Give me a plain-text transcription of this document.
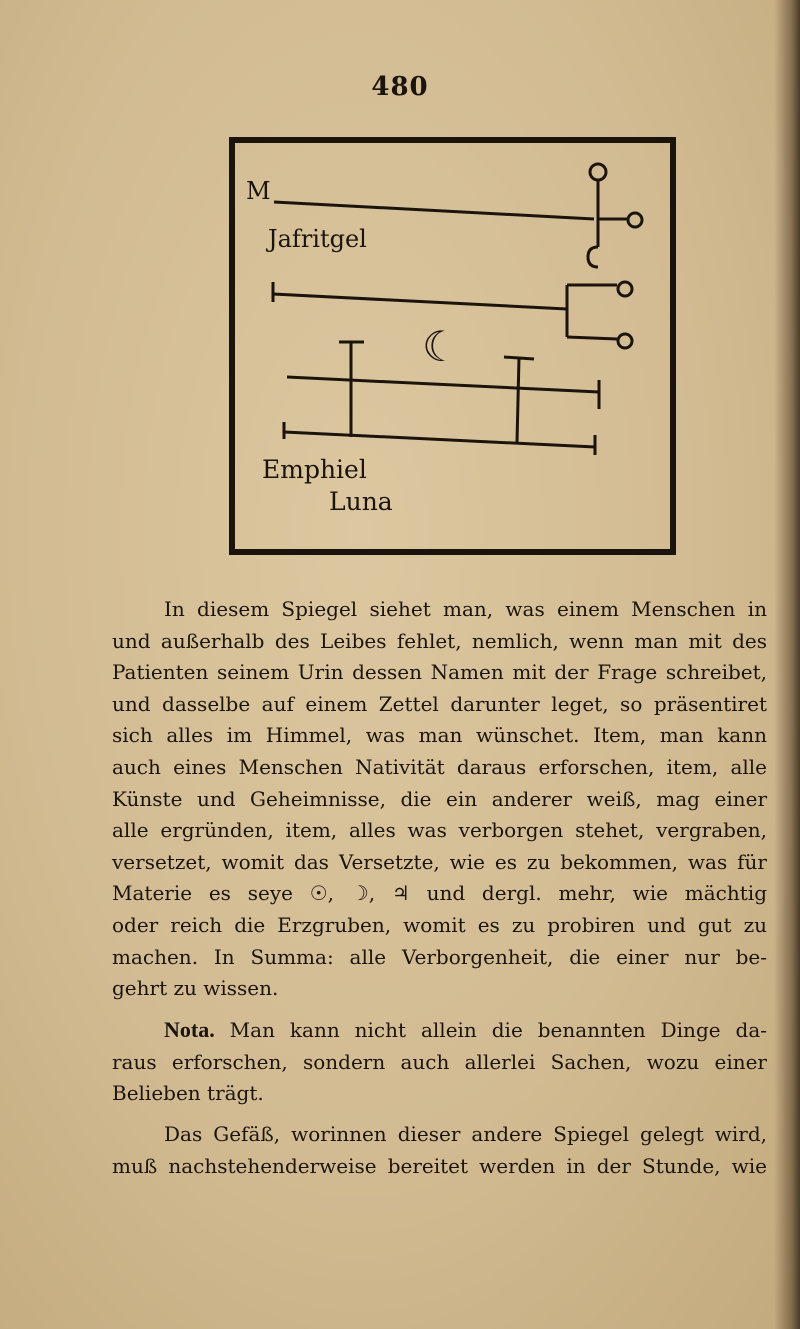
480
M
Jafritgel
☾
Emphiel
Luna
In diesem Spiegel siehet man, was einem Menschen in
und außerhalb des Leibes fehlet, nemlich, wenn man mit des
Patienten seinem Urin dessen Namen mit der Frage schreibet,
und dasselbe auf einem Zettel darunter leget, so präsentiret
sich alles im Himmel, was man wünschet. Item, man kann
auch eines Menschen Nativität daraus erforschen, item, alle
Künste und Geheimnisse, die ein anderer weiß, mag einer
alle ergründen, item, alles was verborgen stehet, vergraben,
versetzet, womit das Versetzte, wie es zu bekommen, was für
Materie es seye ☉, ☽, ♃ und dergl. mehr, wie mächtig
oder reich die Erzgruben, womit es zu probiren und gut zu
machen. In Summa: alle Verborgenheit, die einer nur be-
gehrt zu wissen.
Nota. Man kann nicht allein die benannten Dinge da-
raus erforschen, sondern auch allerlei Sachen, wozu einer
Belieben trägt.
Das Gefäß, worinnen dieser andere Spiegel gelegt wird,
muß nachstehenderweise bereitet werden in der Stunde, wie
